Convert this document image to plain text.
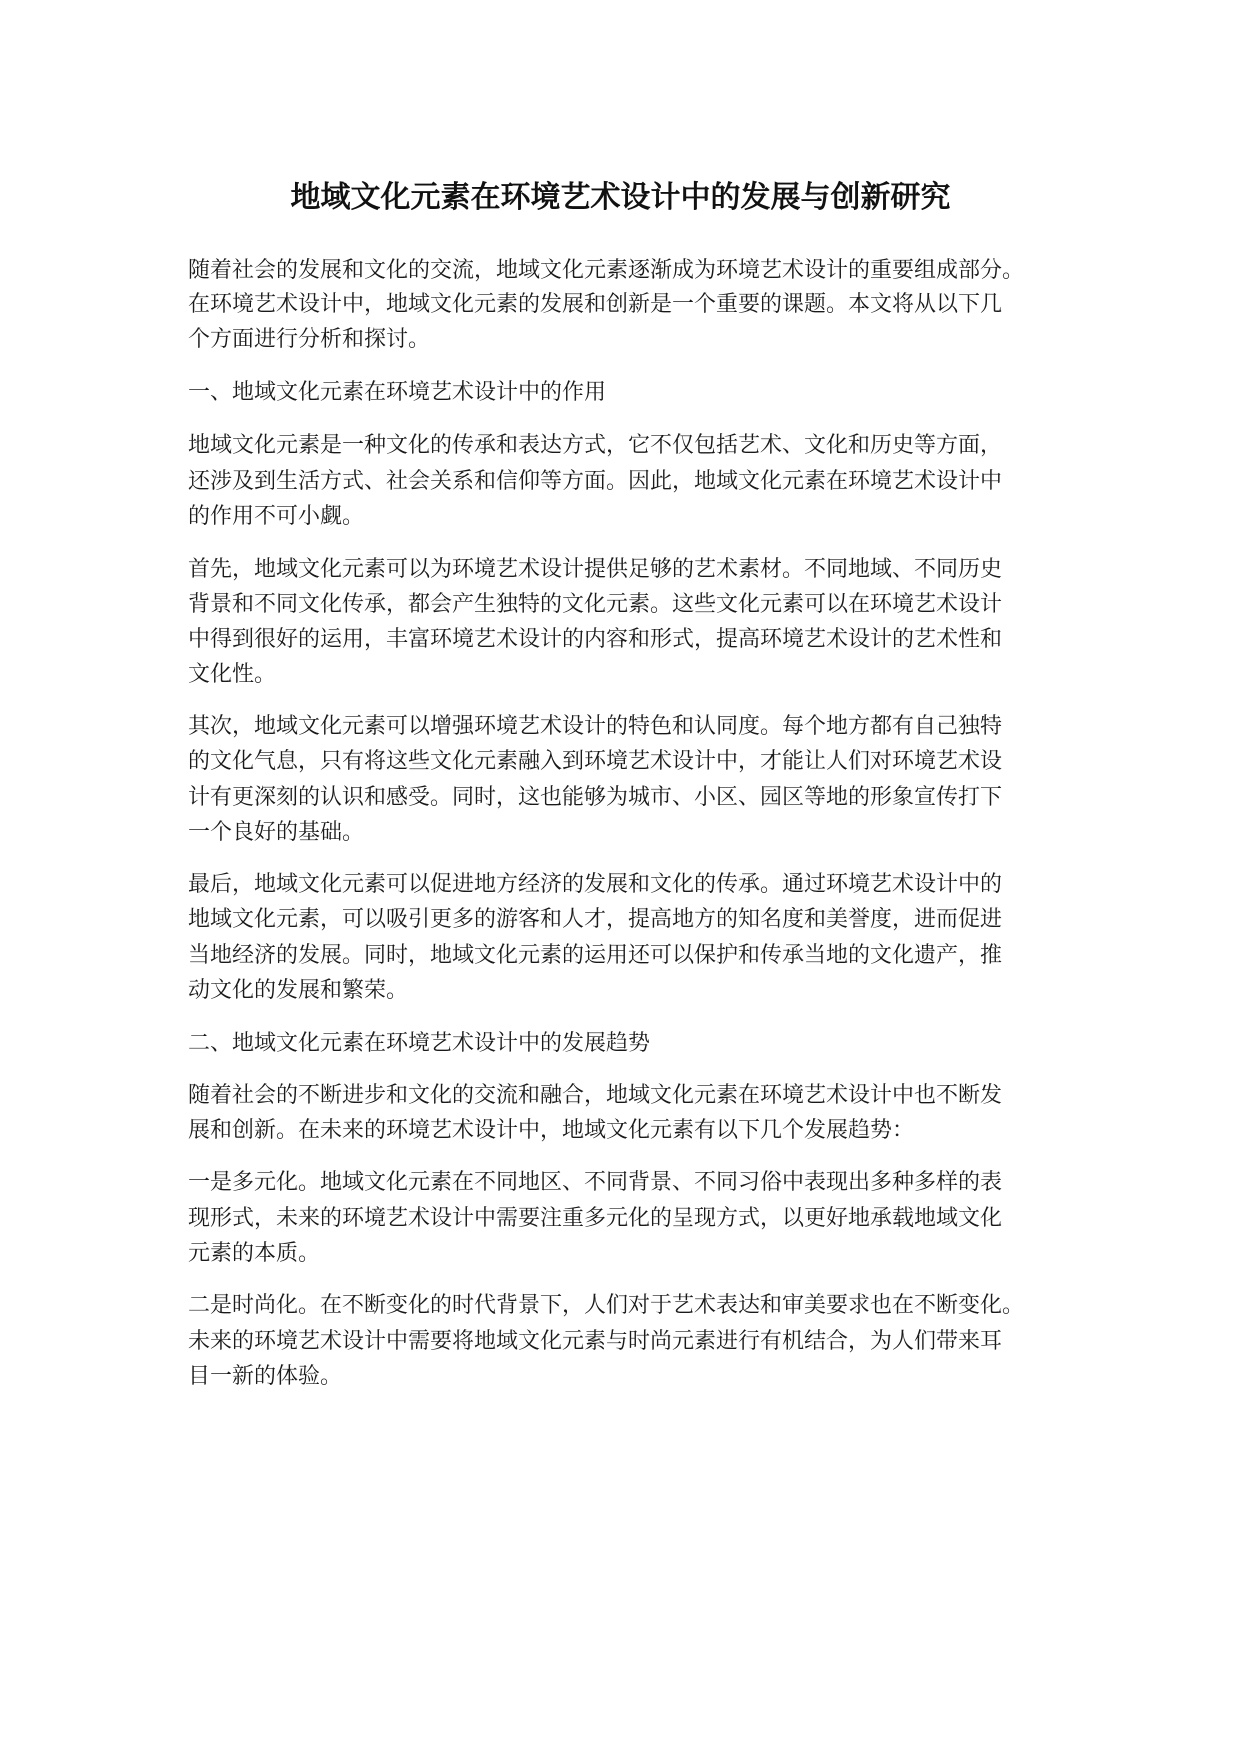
地域文化元素在环境艺术设计中的发展与创新研究

随着社会的发展和文化的交流，地域文化元素逐渐成为环境艺术设计的重要组成部分。

在环境艺术设计中，地域文化元素的发展和创新是一个重要的课题。本文将从以下几

个方面进行分析和探讨。

一、地域文化元素在环境艺术设计中的作用

地域文化元素是一种文化的传承和表达方式，它不仅包括艺术、文化和历史等方面，

还涉及到生活方式、社会关系和信仰等方面。因此，地域文化元素在环境艺术设计中

的作用不可小觑。

首先，地域文化元素可以为环境艺术设计提供足够的艺术素材。不同地域、不同历史

背景和不同文化传承，都会产生独特的文化元素。这些文化元素可以在环境艺术设计

中得到很好的运用，丰富环境艺术设计的内容和形式，提高环境艺术设计的艺术性和

文化性。

其次，地域文化元素可以增强环境艺术设计的特色和认同度。每个地方都有自己独特

的文化气息，只有将这些文化元素融入到环境艺术设计中，才能让人们对环境艺术设

计有更深刻的认识和感受。同时，这也能够为城市、小区、园区等地的形象宣传打下

一个良好的基础。

最后，地域文化元素可以促进地方经济的发展和文化的传承。通过环境艺术设计中的

地域文化元素，可以吸引更多的游客和人才，提高地方的知名度和美誉度，进而促进

当地经济的发展。同时，地域文化元素的运用还可以保护和传承当地的文化遗产，推

动文化的发展和繁荣。

二、地域文化元素在环境艺术设计中的发展趋势

随着社会的不断进步和文化的交流和融合，地域文化元素在环境艺术设计中也不断发

展和创新。在未来的环境艺术设计中，地域文化元素有以下几个发展趋势：

一是多元化。地域文化元素在不同地区、不同背景、不同习俗中表现出多种多样的表

现形式，未来的环境艺术设计中需要注重多元化的呈现方式，以更好地承载地域文化

元素的本质。

二是时尚化。在不断变化的时代背景下，人们对于艺术表达和审美要求也在不断变化。

未来的环境艺术设计中需要将地域文化元素与时尚元素进行有机结合，为人们带来耳

目一新的体验。
